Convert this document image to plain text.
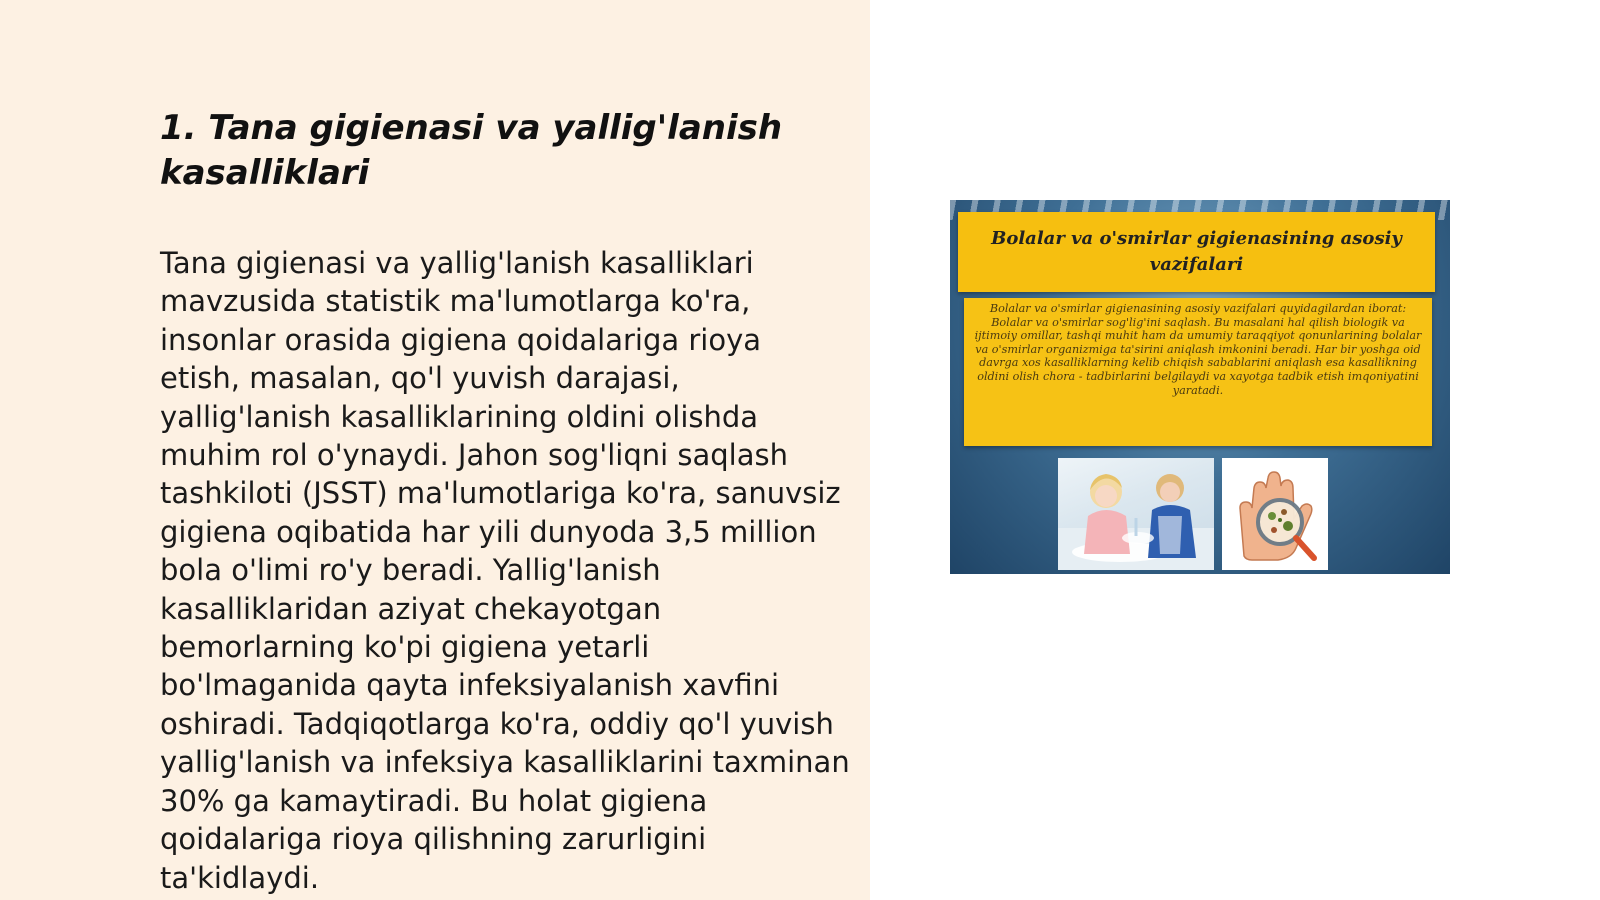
1. Tana gigienasi va yallig'lanish kasalliklari

Tana gigienasi va yallig'lanish kasalliklari mavzusida statistik ma'lumotlarga ko'ra, insonlar orasida gigiena qoidalariga rioya etish, masalan, qo'l yuvish darajasi, yallig'lanish kasalliklarining oldini olishda muhim rol o'ynaydi. Jahon sog'liqni saqlash tashkiloti (JSST) ma'lumotlariga ko'ra, sanuvsiz gigiena oqibatida har yili dunyoda 3,5 million bola o'limi ro'y beradi. Yallig'lanish kasalliklaridan aziyat chekayotgan bemorlarning ko'pi gigiena yetarli bo'lmaganida qayta infeksiyalanish xavfini oshiradi. Tadqiqotlarga ko'ra, oddiy qo'l yuvish yallig'lanish va infeksiya kasalliklarini taxminan 30% ga kamaytiradi. Bu holat gigiena qoidalariga rioya qilishning zarurligini ta'kidlaydi.

Bolalar va o'smirlar gigienasining asosiy vazifalari
Bolalar va o'smirlar gigienasining asosiy vazifalari quyidagilardan iborat: Bolalar va o'smirlar sog'lig'ini saqlash. Bu masalani hal qilish biologik va ijtimoiy omillar, tashqi muhit ham da umumiy taraqqiyot qonunlarining bolalar va o'smirlar organizmiga ta'sirini aniqlash imkonini beradi. Har bir yoshga oid davrga xos kasalliklarning kelib chiqish sabablarini aniqlash esa kasallikning oldini olish chora - tadbirlarini belgilaydi va xayotga tadbik etish imqoniyatini yaratadi.
